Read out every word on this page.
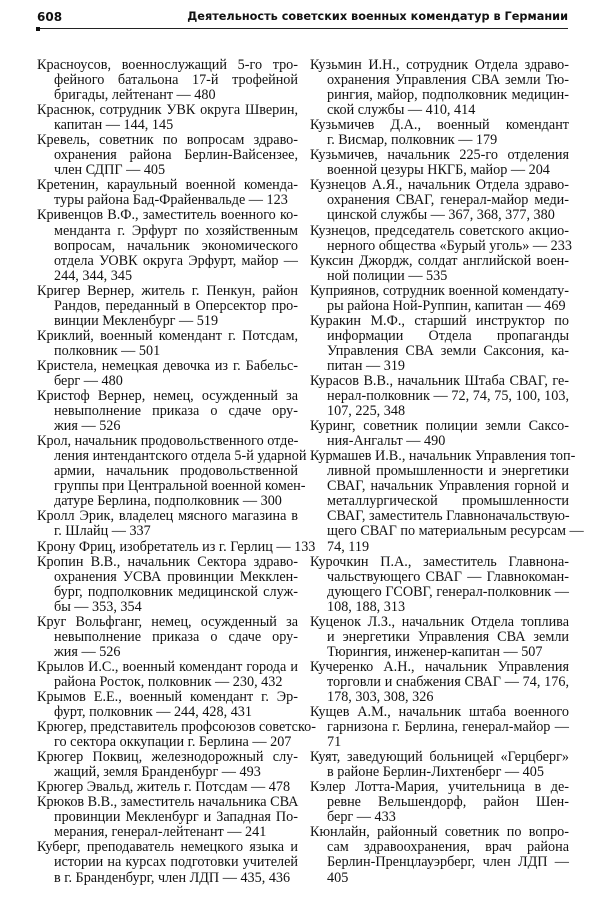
608	Деятельность советских военных комендатур в Германии
Красноусов, военнослужащий 5-го тро-
фейного батальона 17-й трофейной
бригады, лейтенант — 480
Краснюк, сотрудник УВК округа Шверин,
капитан — 144, 145
Кревель, советник по вопросам здраво-
охранения района Берлин-Вайсензее,
член СДПГ — 405
Кретенин, караульный военной коменда-
туры района Бад-Фрайенвальде — 123
Кривенцов В.Ф., заместитель военного ко-
менданта г. Эрфурт по хозяйственным
вопросам, начальник экономического
отдела УОВК округа Эрфурт, майор —
244, 344, 345
Кригер Вернер, житель г. Пенкун, район
Рандов, переданный в Оперсектор про-
винции Мекленбург — 519
Криклий, военный комендант г. Потсдам,
полковник — 501
Кристела, немецкая девочка из г. Бабельс-
берг — 480
Кристоф Вернер, немец, осужденный за
невыполнение приказа о сдаче ору-
жия — 526
Крол, начальник продовольственного отде-
ления интендантского отдела 5-й ударной
армии, начальник продовольственной
группы при Центральной военной комен-
датуре Берлина, подполковник — 300
Кролл Эрик, владелец мясного магазина в
г. Шлайц — 337
Крону Фриц, изобретатель из г. Герлиц — 133
Кропин В.В., начальник Сектора здраво-
охранения УСВА провинции Мекклен-
бург, подполковник медицинской служ-
бы — 353, 354
Круг Вольфганг, немец, осужденный за
невыполнение приказа о сдаче ору-
жия — 526
Крылов И.С., военный комендант города и
района Росток, полковник — 230, 432
Крымов Е.Е., военный комендант г. Эр-
фурт, полковник — 244, 428, 431
Крюгер, представитель профсоюзов советско-
го сектора оккупации г. Берлина — 207
Крюгер Поквиц, железнодорожный слу-
жащий, земля Бранденбург — 493
Крюгер Эвальд, житель г. Потсдам — 478
Крюков В.В., заместитель начальника СВА
провинции Мекленбург и Западная По-
мерания, генерал-лейтенант — 241
Куберг, преподаватель немецкого языка и
истории на курсах подготовки учителей
в г. Бранденбург, член ЛДП — 435, 436
Кузьмин И.Н., сотрудник Отдела здраво-
охранения Управления СВА земли Тю-
рингия, майор, подполковник медицин-
ской службы — 410, 414
Кузьмичев Д.А., военный комендант
г. Висмар, полковник — 179
Кузьмичев, начальник 225-го отделения
военной цезуры НКГБ, майор — 204
Кузнецов А.Я., начальник Отдела здраво-
охранения СВАГ, генерал-майор меди-
цинской службы — 367, 368, 377, 380
Кузнецов, председатель советского акцио-
нерного общества «Бурый уголь» — 233
Куксин Джордж, солдат английской воен-
ной полиции — 535
Куприянов, сотрудник военной комендату-
ры района Ной-Руппин, капитан — 469
Куракин М.Ф., старший инструктор по
информации Отдела пропаганды
Управления СВА земли Саксония, ка-
питан — 319
Курасов В.В., начальник Штаба СВАГ, ге-
нерал-полковник — 72, 74, 75, 100, 103,
107, 225, 348
Куринг, советник полиции земли Саксо-
ния-Ангальт — 490
Курмашев И.В., начальник Управления топ-
ливной промышленности и энергетики
СВАГ, начальник Управления горной и
металлургической промышленности
СВАГ, заместитель Главноначальствую-
щего СВАГ по материальным ресурсам —
74, 119
Курочкин П.А., заместитель Главнона-
чальствующего СВАГ — Главнокоман-
дующего ГСОВГ, генерал-полковник —
108, 188, 313
Куценок Л.З., начальник Отдела топлива
и энергетики Управления СВА земли
Тюрингия, инженер-капитан — 507
Кучеренко А.Н., начальник Управления
торговли и снабжения СВАГ — 74, 176,
178, 303, 308, 326
Кущев А.М., начальник штаба военного
гарнизона г. Берлина, генерал-майор —
71
Куят, заведующий больницей «Герцберг»
в районе Берлин-Лихтенберг — 405
Кэлер Лотта-Мария, учительница в де-
ревне Вельшендорф, район Шен-
берг — 433
Кюнлайн, районный советник по вопро-
сам здравоохранения, врач района
Берлин-Пренцлауэрберг, член ЛДП —
405
